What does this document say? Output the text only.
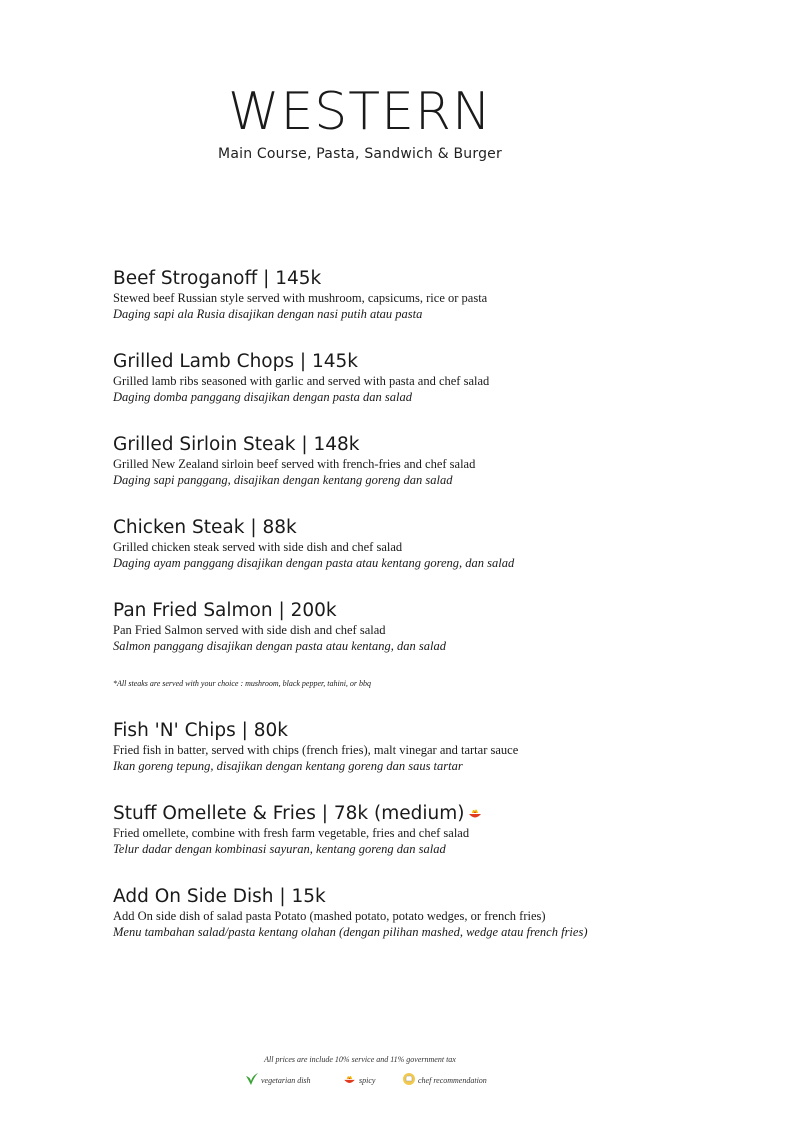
WESTERN
Main Course, Pasta, Sandwich & Burger
Beef Stroganoff | 145k
Stewed beef Russian style served with mushroom, capsicums, rice or pasta
Daging sapi ala Rusia disajikan dengan nasi putih atau pasta
Grilled Lamb Chops | 145k
Grilled lamb ribs seasoned with garlic and served with pasta and chef salad
Daging domba panggang disajikan dengan pasta dan salad
Grilled Sirloin Steak | 148k
Grilled New Zealand sirloin beef served with french-fries and chef salad
Daging sapi panggang, disajikan dengan kentang goreng dan salad
Chicken Steak | 88k
Grilled chicken steak served with side dish and chef salad
Daging ayam panggang disajikan dengan pasta atau kentang goreng, dan salad
Pan Fried Salmon | 200k
Pan Fried Salmon served with side dish and chef salad
Salmon panggang disajikan dengan pasta atau kentang, dan salad
*All steaks are served with your choice : mushroom, black pepper, tahini, or bbq
Fish 'N' Chips | 80k
Fried fish in batter, served with chips (french fries), malt vinegar and tartar sauce
Ikan goreng tepung, disajikan dengan kentang goreng dan saus tartar
Stuff Omellete & Fries | 78k (medium)
Fried omellete, combine with fresh farm vegetable, fries and chef salad
Telur dadar dengan kombinasi sayuran, kentang goreng dan salad
Add On Side Dish | 15k
Add On side dish of salad pasta Potato (mashed potato, potato wedges, or french fries)
Menu tambahan salad/pasta kentang olahan (dengan pilihan mashed, wedge atau french fries)
All prices are include 10% service and 11% government tax
vegetarian dish	spicy	chef recommendation
